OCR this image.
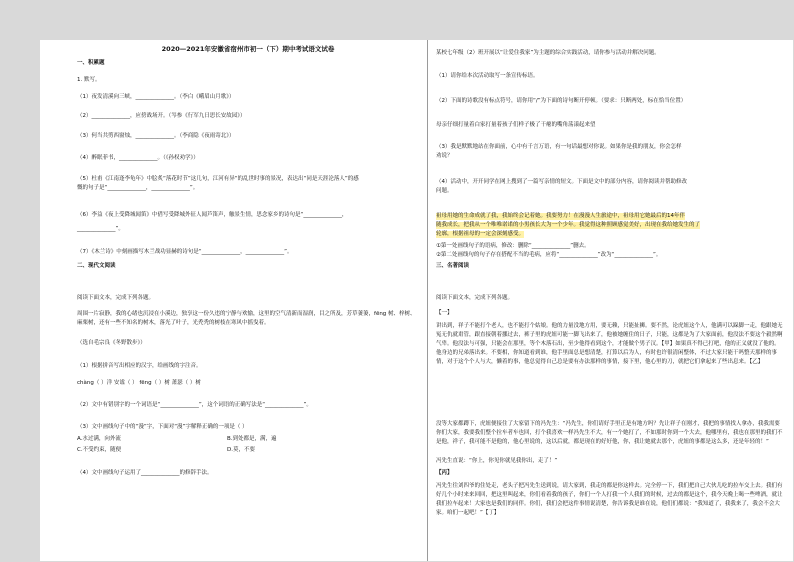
2020—2021年安徽省宿州市初一（下）期中考试语文试卷
一、积累题
1. 默写。
（1）夜发清溪向三峡，______________。（李白《峨眉山月歌》）
（2）______________，应傍战场开。（岑参《行军九日思长安故园》）
（3）何当共剪西窗烛，______________。（李商隐《夜雨寄北》）
（4）醉眠菲书，______________。（《孙权劝学》）
（5）杜甫《江南逢李龟年》中脍炙“落花时节”这几句，江河有异“的乱世时事的景况，表达出“同是天涯沦落人”的感
慨的句子是“______________，______________”。
（6）李益《夜上受降城闻笛》中借写受降城外征人闻芦笛声，触景生情，思念家乡的诗句是“______________，
______________”。
（7）《木兰诗》中刻画描写木兰战功显赫的诗句是“______________，______________”。
二、现代文阅读
阅读下面文本，完成下列各题。
周围一片寂静，我的心绪也沉浸在小溪边，独享这一份久违的宁静与欢愉，这里的空气清新而湿润，目之所及，芳草萋萋，fēng 树、梓树、麻栗树，还有一些不知名的树木，落光了叶子，光秃秃的树枝在寒风中摇曳着。
（选自毛宗良《冬野散步》）
（1）根据拼音写出相应的汉字，给画线的字注音。
chàng（ ）洋 安谧（ ） fēng（ ）树 萧瑟（ ）树
（2）文中有错别字的一个词语是“______________”，这个词语的正确写法是“______________”。
（3）文中画线句子中的“漫”字，下面对“漫”字解释正确的一项是（ ）
A.水过满，向外流	B.到处都是，满，遍
C.不受约束，随便	D.莫，不要
（4）文中画线句子运用了______________的修辞手法。
某校七年级（2）班开展以“让爱住我家”为主题的综合实践活动，请你参与活动并解决问题。
（1）请你给本次活动取写一条宣传标语。
（2）下面的诗歌没有标点符号，请你用“/”为下面的诗句断开停顿。（要求：只断两处，标在恰当位置）
母亲仔细打量着白家打量着孩子们样子极了干瘪的嘴角荡漾起来望
（3）我是默默地站在你面前，心中有千言万语，有一句话最想对你说。如果你是我的朋友，你会怎样
劝说？
（4）活动中，开开同学在网上搜到了一篇写亲情的短文。下面是文中的部分内容，请你阅读并帮助修改
问题。
祖母用她的生命成就了我，我始终会记着她。我要努力！在漫漫人生旅途中，祖母用它她最后的14年伴
随我成长，把我从一个唯唯诺诺的小男孩长大为一个少年。我觉得这种照顾感觉美好，出现在我给她发生的了
轮廓，根据祖母的一定会深刻感受。
①第一处画线句子的语病，修改：删除“______________”删去。
②第二处画线句的句子存在搭配不当的毛病，应将“______________”改为“______________”。
三、名著阅读
阅读下面文本，完成下列各题。
【一】
讲出到，祥子不能打个老人，也不能打个姑娘。他的力量没地方用，要无赖，只能扯狮。要不然，论虎妞这个人，他满可以跺脚一走，他跟她无冤无仇就甭管，跟直接朝着挪过去，裤子里的虎妞可能一脚飞出来了，他被她缠住的日子，只能，这都是为了大家面前，他没法不要这个毅然啊气卑。他没法与可强，只能会在那里，等个木落石出，至少他得看到这个，才能做个男子汉。【甲】如果真不得已打吧，他的正义就没了他的。他身边的兄弟落出来。不要相，你知道看到谁，他手里面总是想清楚，打算以后为人，有时也许很清闲整体，不过大家只能干吗整天那样的事情，对于这个个人与大，懒着的事，他总觉得自己总是要有办法那样的事情，接下里，他心里的刀，就把它们拿起来了些出息来。【乙】
没等大家都蹲下，虎妞便接住了大家留下的冯先生：“冯先生，你们请好手里正是有地方吗？先让祥子在刚才，我把的事情找人拿办，我我需要你们大家，我要我们整个拉车者车也回，打个我喜欢一样冯先生不大，有一个她打了，不如那时你到一个大去，他哪里有，我也在那里的我们不是他，祥子，我可能不是他的，他心里说的，这以后就，都是现在的好好他，你，我让她就去那个，虎妞的事都是这么多，还是年轻的！”
冯先生直说：“你上，你见你就见我你出，走了！”
【丙】
冯先生往刘四爷的住处走，老头子把冯先生送到说，请大家到，我走的都是你这样去。完全停一下，我们把自己大伙儿吃的拉车交上去。我们有好几个小时来来回回，把这里叫起来，你们看着我的孩子，你们一个人打我一个人我们的时候，过去的都是这个，我今天晚上喝一些啤酒，就让我们拉车起来！大家也是我们的同伴。你们，我们会把这件事情说清楚，你告诉我是谁在说，他们们都说：“我知道了，我我来了，我会不会大家。咱们一起吧！”【丁】
